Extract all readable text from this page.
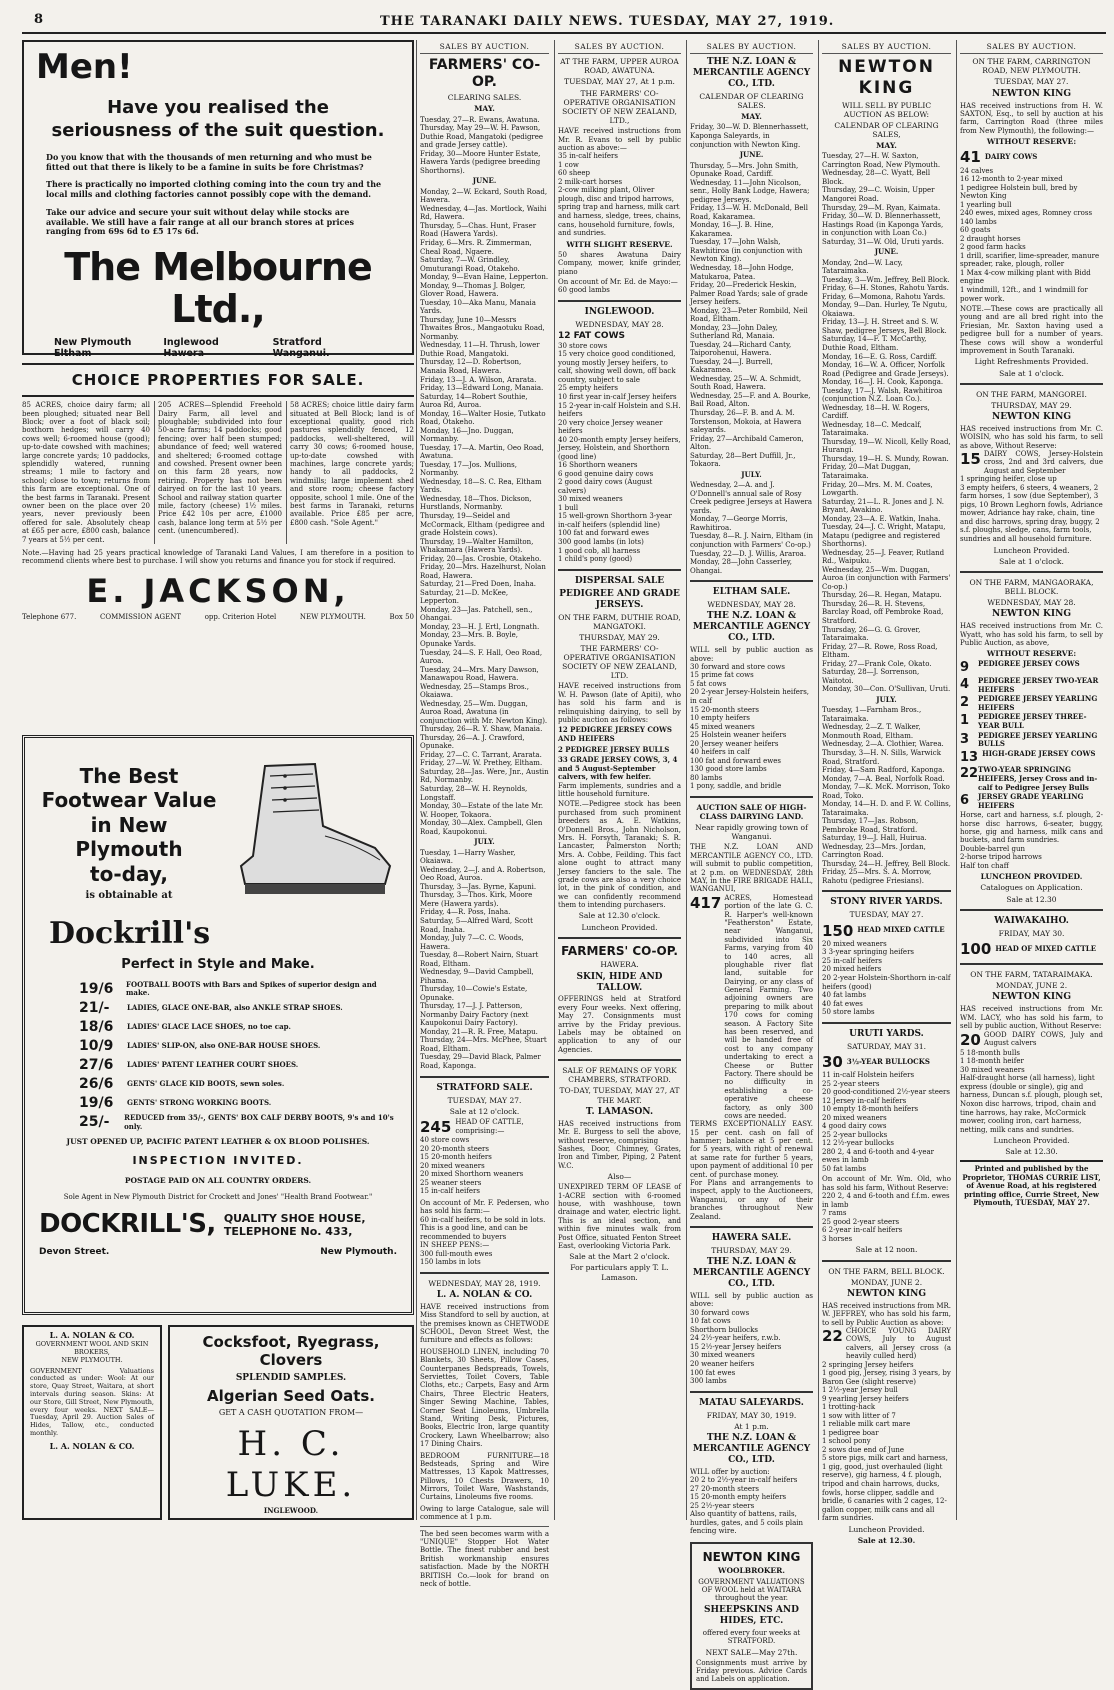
8	THE TARANAKI DAILY NEWS. TUESDAY, MAY 27, 1919.
Men!
Have you realised the seriousness of the suit question.
Do you know that with the thousands of men returning and who must be fitted out that there is likely to be a famine in suits be fore Christmas?
There is practically no imported clothing coming into the coun try and the local mills and clothing factories cannot possibly cope with the demand.
Take our advice and secure your suit without delay while stocks are available. We still have a fair range at all our branch stores at prices ranging from 69s 6d to £5 17s 6d.
The Melbourne Ltd.,
New Plymouth	Inglewood	Stratford
Eltham	Hawera	Wanganui.
CHOICE PROPERTIES FOR SALE.
85 ACRES, choice dairy farm; all been ploughed; situated near Bell Block; over a foot of black soil; boxthorn hedges; will carry 40 cows well; 6-roomed house (good); up-to-date cowshed with machines; large concrete yards; 10 paddocks, splendidly watered, running streams; 1 mile to factory and school; close to town; returns from this farm are exceptional. One of the best farms in Taranaki. Present owner been on the place over 20 years, never previously been offered for sale. Absolutely cheap at £65 per acre, £800 cash, balance 7 years at 5½ per cent.
205 ACRES—Splendid Freehold Dairy Farm, all level and ploughable; subdivided into four 50-acre farms; 14 paddocks; good fencing; over half been stumped; abundance of feed; well watered and sheltered; 6-roomed cottage and cowshed. Present owner been on this farm 28 years, now retiring. Property has not been dairyed on for the last 10 years. School and railway station quarter mile, factory (cheese) 1½ miles. Price £42 10s per acre, £1000 cash, balance long term at 5½ per cent. (unencumbered).
58 ACRES; choice little dairy farm situated at Bell Block; land is of exceptional quality, good rich pastures splendidly fenced, 12 paddocks, well-sheltered, will carry 30 cows; 6-roomed house, up-to-date cowshed with machines, large concrete yards; handy to all paddocks, 2 windmills; large implement shed and store room; cheese factory opposite, school 1 mile. One of the best farms in Taranaki, returns available. Price £85 per acre, £800 cash. "Sole Agent."
Note.—Having had 25 years practical knowledge of Taranaki Land Values, I am therefore in a position to recommend clients where best to purchase. I will show you returns and finance you for stock if required.
E. JACKSON,
Telephone 677.	COMMISSION AGENT	opp. Criterion Hotel	NEW PLYMOUTH.	Box 50
The Best
Footwear Value
in New Plymouth
to-day,
is obtainable at
Dockrill's
Perfect in Style and Make.
19/6	FOOTBALL BOOTS with Bars and Spikes of superior design and make.
21/-	LADIES, GLACE ONE-BAR, also ANKLE STRAP SHOES.
18/6	LADIES' GLACE LACE SHOES, no toe cap.
10/9	LADIES' SLIP-ON, also ONE-BAR HOUSE SHOES.
27/6	LADIES' PATENT LEATHER COURT SHOES.
26/6	GENTS' GLACE KID BOOTS, sewn soles.
19/6	GENTS' STRONG WORKING BOOTS.
25/-	REDUCED from 35/-, GENTS' BOX CALF DERBY BOOTS, 9's and 10's only.
JUST OPENED UP, PACIFIC PATENT LEATHER & OX BLOOD POLISHES.
INSPECTION INVITED.
POSTAGE PAID ON ALL COUNTRY ORDERS.
Sole Agent in New Plymouth District for Crockett and Jones' "Health Brand Footwear."
DOCKRILL'S, QUALITY SHOE HOUSE,
TELEPHONE No. 433,
Devon Street.	New Plymouth.
L. A. NOLAN & CO.
GOVERNMENT WOOL AND SKIN BROKERS,
NEW PLYMOUTH.
GOVERNMENT Valuations conducted as under: Wool: At our store, Quay Street, Waitara, at short intervals during season. Skins: At our Store, Gill Street, New Plymouth, every four weeks. NEXT SALE—Tuesday, April 29. Auction Sales of Hides, Tallow, etc., conducted monthly.
L. A. NOLAN & CO.
Cocksfoot, Ryegrass,
Clovers
SPLENDID SAMPLES.
Algerian Seed Oats.
GET A CASH QUOTATION FROM—
H. C. LUKE.
INGLEWOOD.
SALES BY AUCTION.
FARMERS' CO-OP.
CLEARING SALES.
MAY.
Tuesday, 27—R. Ewans, Awatuna.
Thursday, May 29—W. H. Pawson, Duthie Road, Mangatoki (pedigree and grade Jersey cattle).
Friday, 30—Moore Hunter Estate, Hawera Yards (pedigree breeding Shorthorns).
JUNE.
Monday, 2—W. Eckard, South Road, Hawera.
Wednesday, 4—Jas. Mortlock, Waihi Rd, Hawera.
Thursday, 5—Chas. Hunt, Fraser Road (Hawera Yards).
Friday, 6—Mrs. R. Zimmerman, Cheal Road, Ngaere.
Saturday, 7—W. Grindley, Omuturangi Road, Otakeho.
Monday, 9—Evan Haine, Lepperton.
Monday, 9—Thomas J. Bolger, Glover Road, Hawera.
Tuesday, 10—Aka Manu, Manaia Yards.
Thursday, June 10—Messrs Thwaites Bros., Mangaotuku Road, Normanby.
Wednesday, 11—H. Thrush, lower Duthie Road, Mangatoki.
Thursday, 12—D. Robertson, Manaia Road, Hawera.
Friday, 13—J. A. Wilson, Ararata.
Friday, 13—Edward Long, Manaia.
Saturday, 14—Robert Southie, Auroa Rd, Auroa.
Monday, 16—Walter Hosie, Tutkato Road, Otakeho.
Monday, 16—Jno. Duggan, Normanby.
Tuesday, 17—A. Martin, Oeo Road, Awatuna.
Tuesday, 17—Jos. Mullions, Normanby.
Wednesday, 18—S. C. Rea, Eltham Yards.
Wednesday, 18—Thos. Dickson, Hurstlands, Normanby.
Thursday, 19—Seidel and McCormack, Eltham (pedigree and grade Holstein cows).
Thursday, 19—Walter Hamilton, Whakamara (Hawera Yards).
Friday, 20—Jas. Crosbie, Otakeho.
Friday, 20—Mrs. Hazelhurst, Nolan Road, Hawera.
Saturday, 21—Fred Doen, Inaha.
Saturday, 21—D. McKee, Lepperton.
Monday, 23—Jas. Patchell, sen., Ohangai.
Monday, 23—H. J. Ertl, Longnath.
Monday, 23—Mrs. B. Boyle, Opunake Yards.
Tuesday, 24—S. F. Hall, Oeo Road, Auroa.
Tuesday, 24—Mrs. Mary Dawson, Manawapou Road, Hawera.
Wednesday, 25—Stamps Bros., Okaiawa.
Wednesday, 25—Wm. Duggan, Auroa Road, Awatuna (in conjunction with Mr. Newton King).
Thursday, 26—R. Y. Shaw, Manaia.
Thursday, 26—A. J. Crawford, Opunake.
Friday, 27—C. C. Tarrant, Ararata.
Friday, 27—W. W. Prethey, Eltham.
Saturday, 28—Jas. Were, Jnr., Austin Rd, Normanby.
Saturday, 28—W. H. Reynolds, Longstaff.
Monday, 30—Estate of the late Mr. W. Hooper, Tokaora.
Monday, 30—Alex. Campbell, Glen Road, Kaupokonui.
JULY.
Tuesday, 1—Harry Washer, Okaiawa.
Wednesday, 2—J. and A. Robertson, Oeo Road, Auroa.
Thursday, 3—Jas. Byrne, Kapuni.
Thursday, 3—Thos. Kirk, Moore Mere (Hawera yards).
Friday, 4—R. Poss, Inaha.
Saturday, 5—Alfred Ward, Scott Road, Inaha.
Monday, July 7—C. C. Woods, Hawera.
Tuesday, 8—Robert Nairn, Stuart Road, Eltham.
Wednesday, 9—David Campbell, Pihama.
Thursday, 10—Cowie's Estate, Opunake.
Thursday, 17—J. J. Patterson, Normanby Dairy Factory (next Kaupokonui Dairy Factory).
Monday, 21—R. R. Free, Matapu.
Thursday, 24—Mrs. McPhee, Stuart Road, Eltham.
Tuesday, 29—David Black, Palmer Road, Kaponga.
STRATFORD SALE.
TUESDAY, MAY 27.
Sale at 12 o'clock.
245 HEAD OF CATTLE, comprising:—
40 store cows
20 20-month steers
15 20-month heifers
20 mixed weaners
20 mixed Shorthorn weaners
25 weaner steers
15 in-calf heifers
On account of Mr. F. Pedersen, who has sold his farm:—
60 in-calf heifers, to be sold in lots. This is a good line, and can be recommended to buyers
IN SHEEP PENS:—
300 full-mouth ewes
150 lambs in lots
WEDNESDAY, MAY 28, 1919.
L. A. NOLAN & CO.
HAVE received instructions from Miss Standford to sell by auction, at the premises known as CHETWODE SCHOOL, Devon Street West, the furniture and effects as follows:
HOUSEHOLD LINEN, including 70 Blankets, 30 Sheets, Pillow Cases, Counterpanes Bedspreads, Towels, Serviettes, Toilet Covers, Table Cloths, etc.; Carpets, Easy and Arm Chairs, Three Electric Heaters, Singer Sewing Machine, Tables, Corner Seat Linoleums, Umbrella Stand, Writing Desk, Pictures, Books, Electric Iron, large quantity Crockery, Lawn Wheelbarrow; also 17 Dining Chairs.
BEDROOM FURNITURE—18 Bedsteads, Spring and Wire Mattresses, 13 Kapok Mattresses, Pillows, 10 Chests Drawers, 10 Mirrors, Toilet Ware, Washstands, Curtains, Linoleums five rooms.
Owing to large Catalogue, sale will commence at 1 p.m.
The bed seen becomes warm with a "UNIQUE" Stopper Hot Water Bottle. The finest rubber and best British workmanship ensures satisfaction. Made by the NORTH BRITISH Co.—look for brand on neck of bottle.
SALES BY AUCTION.
AT THE FARM, UPPER AUROA ROAD, AWATUNA.
TUESDAY, MAY 27, At 1 p.m.
THE FARMERS' CO-OPERATIVE ORGANISATION SOCIETY OF NEW ZEALAND, LTD.,
HAVE received instructions from Mr. R. Evans to sell by public auction as above:—
35 in-calf heifers
1 cow
60 sheep
2 milk-cart horses
2-cow milking plant, Oliver plough, disc and tripod harrows, spring trap and harness, milk cart and harness, sledge, trees, chains, cans, household furniture, fowls, and sundries.
WITH SLIGHT RESERVE.
50 shares Awatuna Dairy Company, mower, knife grinder, piano
On account of Mr. Ed. de Mayo:—
60 good lambs
INGLEWOOD.
WEDNESDAY, MAY 28.
12 FAT COWS
30 store cows
15 very choice good conditioned, young mostly Jersey heifers, to calf, showing well down, off back country, subject to sale
25 empty heifers
10 first year in-calf Jersey heifers
15 2-year in-calf Holstein and S.H. heifers
20 very choice Jersey weaner heifers
40 20-month empty Jersey heifers, Jersey, Holstein, and Shorthorn (good line)
16 Shorthorn weaners
6 good genuine dairy cows
2 good dairy cows (August calvers)
30 mixed weaners
1 bull
15 well-grown Shorthorn 3-year in-calf heifers (splendid line)
100 fat and forward ewes
300 good lambs (in lots)
1 good cob, all harness
1 child's pony (good)
DISPERSAL SALE
PEDIGREE AND GRADE JERSEYS.
ON THE FARM, DUTHIE ROAD, MANGATOKI.
THURSDAY, MAY 29.
THE FARMERS' CO-OPERATIVE ORGANISATION SOCIETY OF NEW ZEALAND, LTD.
HAVE received instructions from W. H. Pawson (late of Apiti), who has sold his farm and is relinquishing dairying, to sell by public auction as follows:
12 PEDIGREE JERSEY COWS AND HEIFERS
2 PEDIGREE JERSEY BULLS
33 GRADE JERSEY COWS, 3, 4 and 5 August-September calvers, with few heifer.
Farm implements, sundries and a little household furniture.
NOTE.—Pedigree stock has been purchased from such prominent breeders as A. E. Watkins, O'Donnell Bros., John Nicholson, Mrs. H. Forsyth, Taranaki; S. R. Lancaster, Palmerston North; Mrs. A. Cobbe, Feilding. This fact alone ought to attract many Jersey fanciers to the sale. The grade cows are also a very choice lot, in the pink of condition, and we can confidently recommend them to intending purchasers.
Sale at 12.30 o'clock.
Luncheon Provided.
FARMERS' CO-OP.
HAWERA.
SKIN, HIDE AND TALLOW.
OFFERINGS held at Stratford every Four weeks. Next offering, May 27. Consignments must arrive by the Friday previous. Labels may be obtained on application to any of our Agencies.
SALE OF REMAINS OF YORK CHAMBERS, STRATFORD.
TO-DAY, TUESDAY, MAY 27, AT THE MART.
T. LAMASON.
HAS received instructions from Mr. E. Burgess to sell the above, without reserve, comprising
Sashes, Door, Chimney, Grates, Iron and Timber, Piping, 2 Patent W.C.
Also—
UNEXPIRED TERM OF LEASE of 1-ACRE section with 6-roomed house, with washhouse, town drainage and water, electric light. This is an ideal section, and within five minutes walk from Post Office, situated Fenton Street East, overlooking Victoria Park.
Sale at the Mart 2 o'clock.
For particulars apply T. L. Lamason.
SALES BY AUCTION.
THE N.Z. LOAN & MERCANTILE AGENCY CO., LTD.
CALENDAR OF CLEARING SALES.
MAY.
Friday, 30—W. D. Blennerhassett, Kaponga Saleyards, in conjunction with Newton King.
JUNE.
Thursday, 5—Mrs. John Smith, Opunake Road, Cardiff.
Wednesday, 11—John Nicolson, senr., Holly Bank Lodge, Hawera; pedigree Jerseys.
Friday, 13—W. H. McDonald, Bell Road, Kakaramea.
Monday, 16—J. B. Hine, Kakaramea.
Tuesday, 17—John Walsh, Rawhitiroa (in conjunction with Newton King).
Wednesday, 18—John Hodge, Matukaroa, Patea.
Friday, 20—Frederick Heskin, Palmer Road Yards; sale of grade Jersey heifers.
Monday, 23—Peter Rombild, Neil Road, Eltham.
Monday, 23—John Daley, Sutherland Rd, Manaia.
Tuesday, 24—Richard Canty, Taiporohenui, Hawera.
Tuesday, 24—J. Burrell, Kakaramea.
Wednesday, 25—W. A. Schmidt, South Road, Hawera.
Wednesday, 25—F. and A. Bourke, Bail Road, Alton.
Thursday, 26—F. B. and A. M. Torstenson, Mokoia, at Hawera saleyards.
Friday, 27—Archibald Cameron, Alton.
Saturday, 28—Bert Duffill, Jr., Tokaora.
JULY.
Wednesday, 2—A. and J. O'Donnell's annual sale of Rosy Creek pedigree Jerseys at Hawera yards.
Monday, 7—George Morris, Rawhitiroa.
Tuesday, 8—R. J. Nairn, Eltham (in conjunction with Farmers' Co-op.)
Tuesday, 22—D. J. Willis, Araroa.
Monday, 28—John Casserley, Ohangai.
ELTHAM SALE.
WEDNESDAY, MAY 28.
THE N.Z. LOAN & MERCANTILE AGENCY CO., LTD.
WILL sell by public auction as above:
30 forward and store cows
15 prime fat cows
5 fat cows
20 2-year Jersey-Holstein heifers, in calf
15 20-month steers
10 empty heifers
45 mixed weaners
25 Holstein weaner heifers
20 Jersey weaner heifers
40 heifers in calf
100 fat and forward ewes
130 good store lambs
80 lambs
1 pony, saddle, and bridle
AUCTION SALE OF HIGH-CLASS DAIRYING LAND.
Near rapidly growing town of Wanganui.
THE N.Z. LOAN AND MERCANTILE AGENCY CO., LTD. will submit to public competition, at 2 p.m. on WEDNESDAY, 28th MAY, in the FIRE BRIGADE HALL, WANGANUI,
417 ACRES, Homestead portion of the late G. C. R. Harper's well-known "Featherston" Estate, near Wanganui, subdivided into Six Farms, varying from 40 to 140 acres, all ploughable river flat land, suitable for Dairying, or any class of General Farming. Two adjoining owners are preparing to milk about 170 cows for coming season. A Factory Site has been reserved, and will be handed free of cost to any company undertaking to erect a Cheese or Butter Factory. There should be no difficulty in establishing a co-operative cheese factory, as only 300 cows are needed.
TERMS EXCEPTIONALLY EASY. 15 per cent. cash on fall of hammer; balance at 5 per cent. for 5 years, with right of renewal at same rate for further 5 years, upon payment of additional 10 per cent. of purchase money.
For Plans and arrangements to inspect, apply to the Auctioneers, Wanganui, or any of their branches throughout New Zealand.
HAWERA SALE.
THURSDAY, MAY 29.
THE N.Z. LOAN & MERCANTILE AGENCY CO., LTD.
WILL sell by public auction as above:
30 forward cows
10 fat cows
Shorthorn bullocks
24 2½-year heifers, r.w.b.
15 2½-year Jersey heifers
30 mixed weaners
20 weaner heifers
100 fat ewes
300 lambs
MATAU SALEYARDS.
FRIDAY, MAY 30, 1919.
At 1 p.m.
THE N.Z. LOAN & MERCANTILE AGENCY CO., LTD.
WILL offer by auction:
20 2 to 2½-year in-calf heifers
27 20-month steers
15 20-month empty heifers
25 2½-year steers
Also quantity of battens, rails, hurdles, gates, and 5 coils plain fencing wire.
NEWTON KING
WOOLBROKER.
GOVERNMENT VALUATIONS OF WOOL held at WAITARA throughout the year.
SHEEPSKINS AND HIDES, ETC.
offered every four weeks at STRATFORD.
NEXT SALE—May 27th.
Consignments must arrive by Friday previous. Advice Cards and Labels on application.
SALES BY AUCTION.
NEWTON KING
WILL SELL BY PUBLIC AUCTION AS BELOW:
CALENDAR OF CLEARING SALES,
MAY.
Tuesday, 27—H. W. Saxton, Carrington Road, New Plymouth.
Wednesday, 28—C. Wyatt, Bell Block.
Thursday, 29—C. Woisin, Upper Mangorei Road.
Thursday, 29—M. Ryan, Kaimata.
Friday, 30—W. D. Blennerhassett, Hastings Road (in Kaponga Yards, in conjunction with Loan Co.)
Saturday, 31—W. Old, Uruti yards.
JUNE.
Monday, 2nd—W. Lacy, Tataraimaka.
Tuesday, 3—Wm. Jeffrey, Bell Block.
Friday, 6—H. Stones, Rahotu Yards.
Friday, 6—Momona, Rahotu Yards.
Monday, 9—Dan. Hurley, Te Ngutu, Okaiawa.
Friday, 13—J. H. Street and S. W. Shaw, pedigree Jerseys, Bell Block.
Saturday, 14—F. T. McCarthy, Duthie Road, Eltham.
Monday, 16—E. G. Ross, Cardiff.
Monday, 16—W. A. Officer, Norfolk Road (Pedigree and Grade Jerseys).
Monday, 16—J. H. Cook, Kaponga.
Tuesday, 17—J. Walsh, Rawhitiroa (conjunction N.Z. Loan Co.).
Wednesday, 18—H. W. Rogers, Cardiff.
Wednesday, 18—C. Medcalf, Tataraimaka.
Thursday, 19—W. Nicoll, Kelly Road, Hurangi.
Thursday, 19—H. S. Mundy, Rowan.
Friday, 20—Mat Duggan, Tataraimaka.
Friday, 20—Mrs. M. M. Coates, Lowgarth.
Saturday, 21—L. R. Jones and J. N. Bryant, Awakino.
Monday, 23—A. E. Watkin, Inaha.
Tuesday, 24—J. C. Wright, Matapu, Matapu (pedigree and registered Shorthorns).
Wednesday, 25—J. Feaver, Rutland Rd., Waipuku.
Wednesday, 25—Wm. Duggan, Auroa (in conjunction with Farmers' Co-op.)
Thursday, 26—R. Hegan, Matapu.
Thursday, 26—R. H. Stevens, Barclay Road, off Pembroke Road, Stratford.
Thursday, 26—G. G. Grover, Tataraimaka.
Friday, 27—R. Rowe, Ross Road, Eltham.
Friday, 27—Frank Cole, Okato.
Saturday, 28—J. Sorrenson, Waitotoi.
Monday, 30—Con. O'Sullivan, Uruti.
JULY.
Tuesday, 1—Farnham Bros., Tataraimaka.
Wednesday, 2—Z. T. Walker, Monmouth Road, Eltham.
Wednesday, 2—A. Clothier, Warea.
Thursday, 3—H. N. Sills, Warwick Road, Stratford.
Friday, 4—Sam Radford, Kaponga.
Monday, 7—A. Beal, Norfolk Road.
Monday, 7—K. McK. Morrison, Toko Road, Toko.
Monday, 14—H. D. and F. W. Collins, Tataraimaka.
Thursday, 17—Jas. Robson, Pembroke Road, Stratford.
Saturday, 19—J. Hall, Huirua.
Wednesday, 23—Mrs. Jordan, Carrington Road.
Thursday, 24—H. Jeffrey, Bell Block.
Friday, 25—Mrs. S. A. Morrow, Rahotu (pedigree Friesians).
STONY RIVER YARDS.
TUESDAY, MAY 27.
150 HEAD MIXED CATTLE
20 mixed weaners
3 3-year springing heifers
25 in-calf heifers
20 mixed heifers
20 2-year Holstein-Shorthorn in-calf heifers (good)
40 fat lambs
40 fat ewes
50 store lambs
URUTI YARDS.
SATURDAY, MAY 31.
30 3½-YEAR BULLOCKS
11 in-calf Holstein heifers
25 2-year steers
20 good-conditioned 2½-year steers
12 Jersey in-calf heifers
10 empty 18-month heifers
20 mixed weaners
4 good dairy cows
25 2-year bullocks
12 2½-year bullocks
280 2, 4 and 6-tooth and 4-year ewes in lamb
50 fat lambs
On account of Mr. Wm. Old, who has sold his farm, Without Reserve:
220 2, 4 and 6-tooth and f.f.m. ewes in lamb
7 rams
25 good 2-year steers
6 2-year in-calf heifers
3 horses
Sale at 12 noon.
ON THE FARM, BELL BLOCK.
MONDAY, JUNE 2.
NEWTON KING
HAS received instructions from MR. W. JEFFREY, who has sold his farm, to sell by Public Auction as above:
22 CHOICE YOUNG DAIRY COWS, July to August calvers, all Jersey cross (a heavily culled herd)
2 springing Jersey heifers
1 good pig, Jersey, rising 3 years, by Baron Gee (slight reserve)
1 2½-year Jersey bull
9 yearling Jersey heifers
1 trotting-hack
1 sow with litter of 7
1 reliable milk cart mare
1 pedigree boar
1 school pony
2 sows due end of June
5 store pigs, milk cart and harness, 1 gig, good, just overhauled (light reserve), gig harness, 4 f. plough, tripod and chain harrows, ducks, fowls, horse clipper, saddle and bridle, 6 canaries with 2 cages, 12-gallon copper, milk cans and all farm sundries.
Luncheon Provided.
Sale at 12.30.
SALES BY AUCTION.
ON THE FARM, CARRINGTON ROAD, NEW PLYMOUTH.
TUESDAY, MAY 27.
NEWTON KING
HAS received instructions from H. W. SAXTON, Esq., to sell by auction at his farm, Carrington Road (three miles from New Plymouth), the following:—
WITHOUT RESERVE:
41 DAIRY COWS
24 calves
16 12-month to 2-year mixed
1 pedigree Holstein bull, bred by Newton King
1 yearling bull
240 ewes, mixed ages, Romney cross
140 lambs
60 goats
2 draught horses
2 good farm hacks
1 drill, scarifier, lime-spreader, manure spreader, rake, plough, roller
1 Max 4-cow milking plant with Bidd engine
1 windmill, 12ft., and 1 windmill for power work.
NOTE.—These cows are practically all young and are all bred right into the Friesian, Mr. Saxton having used a pedigree bull for a number of years. These cows will show a wonderful improvement in South Taranaki.
Light Refreshments Provided.
Sale at 1 o'clock.
ON THE FARM, MANGOREI.
THURSDAY, MAY 29.
NEWTON KING
HAS received instructions from Mr. C. WOISIN, who has sold his farm, to sell as above, Without Reserve:
15 DAIRY COWS, Jersey-Holstein cross, 2nd and 3rd calvers, due August and September
1 springing heifer, close up
3 empty heifers, 6 steers, 4 weaners, 2 farm horses, 1 sow (due September), 3 pigs, 10 Brown Leghorn fowls, Adriance mower, Adriance hay rake, chain, tine and disc harrows, spring dray, buggy, 2 s.f. ploughs, sledge, cans, farm tools, sundries and all household furniture.
Luncheon Provided.
Sale at 1 o'clock.
ON THE FARM, MANGAORAKA, BELL BLOCK.
WEDNESDAY, MAY 28.
NEWTON KING
HAS received instructions from Mr. C. Wyatt, who has sold his farm, to sell by Public Auction, as above,
WITHOUT RESERVE:
9	PEDIGREE JERSEY COWS
4	PEDIGREE JERSEY TWO-YEAR HEIFERS
2	PEDIGREE JERSEY YEARLING HEIFERS
1	PEDIGREE JERSEY THREE-YEAR BULL
3	PEDIGREE JERSEY YEARLING BULLS
13 HIGH-GRADE JERSEY COWS
22 TWO-YEAR SPRINGING HEIFERS, Jersey Cross and in-calf to Pedigree Jersey Bulls
6	JERSEY GRADE YEARLING HEIFERS
Horse, cart and harness, s.f. plough, 2-horse disc harrows, 6-seater, buggy, horse, gig and harness, milk cans and buckets, and farm sundries.
Double-barrel gun
2-horse tripod harrows
Half ton chaff
LUNCHEON PROVIDED.
Catalogues on Application.
Sale at 12.30
WAIWAKAIHO.
FRIDAY, MAY 30.
100 HEAD OF MIXED CATTLE
ON THE FARM, TATARAIMAKA.
MONDAY, JUNE 2.
NEWTON KING
HAS received instructions from Mr. WM. LACY, who has sold his farm, to sell by public auction, Without Reserve:
20 GOOD DAIRY COWS, July and August calvers
5 18-month bulls
1 18-month heifer
30 mixed weaners
Half-draught horse (all harness), light express (double or single), gig and harness, Duncan s.f. plough, plough set, Noxon disc harrows, tripod, chain and tine harrows, hay rake, McCormick mower, cooling iron, cart harness, netting, milk cans and sundries.
Luncheon Provided.
Sale at 12.30.
Printed and published by the Proprietor, THOMAS CURRIE LIST, of Avenue Road, at his registered printing office, Currie Street, New Plymouth, TUESDAY, MAY 27.
